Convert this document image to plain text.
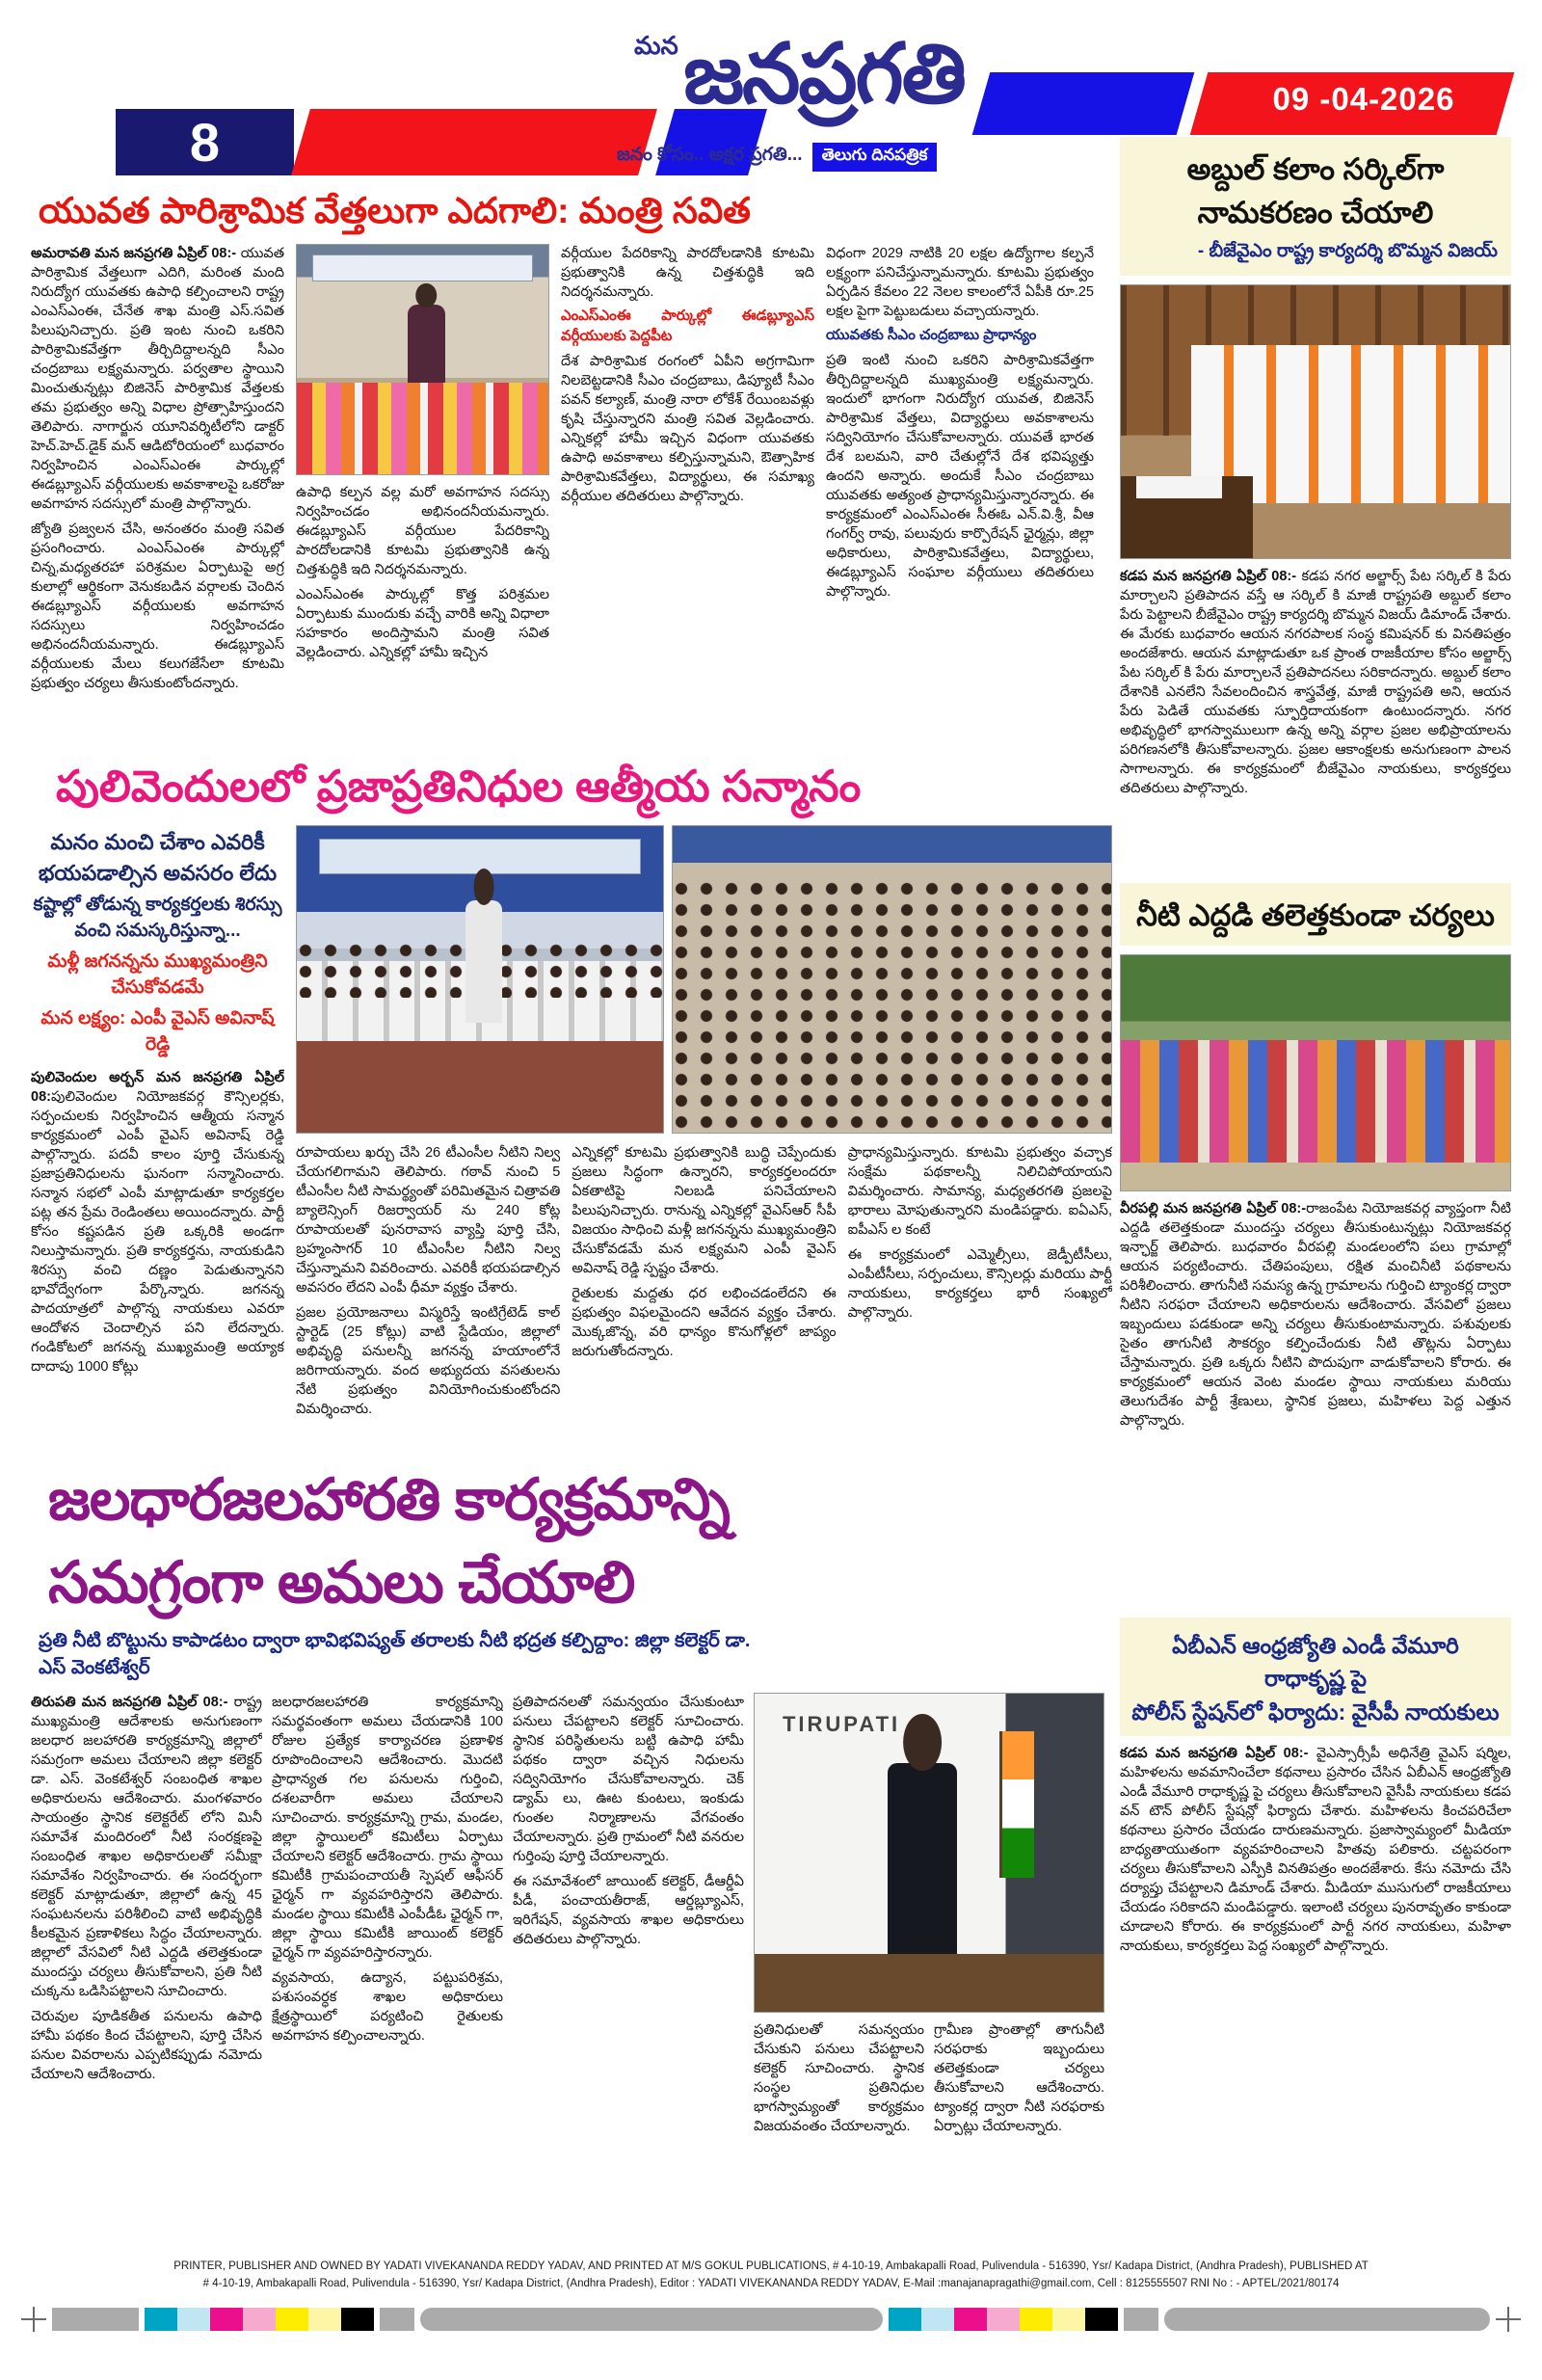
8
09 -04-2026
మన జనప్రగతి
జనం కోసం.. అక్షర ప్రగతి...	తెలుగు దినపత్రిక
యువత పారిశ్రామిక వేత్తలుగా ఎదగాలి: మంత్రి సవిత

అమరావతి మన జనప్రగతి ఏప్రిల్ 08:- యువత పారిశ్రామిక వేత్తలుగా ఎదిగి, మరింత మంది నిరుద్యోగ యువతకు ఉపాధి కల్పించాలని రాష్ట్ర ఎంఎస్ఎంఈ, చేనేత శాఖ మంత్రి ఎస్.సవిత పిలుపునిచ్చారు. ప్రతి ఇంట నుంచి ఒకరిని పారిశ్రామికవేత్తగా తీర్చిదిద్దాలన్నది సీఎం చంద్రబాబు లక్ష్యమన్నారు. పర్వతాల స్థాయిని మించుతున్నట్లు బిజినెస్ పారిశ్రామిక వేత్తలకు తమ ప్రభుత్వం అన్ని విధాల ప్రోత్సాహిస్తుందని తెలిపారు. నాగార్జున యూనివర్శిటీలోని డాక్టర్ హెచ్.హెచ్.డైక్ మన్ ఆడిటోరియంలో బుధవారం నిర్వహించిన ఎంఎస్ఎంఈ పార్కుల్లో ఈడబ్ల్యూఎస్ వర్గీయులకు అవకాశాలపై ఒకరోజు అవగాహన సదస్సులో మంత్రి పాల్గొన్నారు.

జ్యోతి ప్రజ్వలన చేసి, అనంతరం మంత్రి సవిత ప్రసంగించారు. ఎంఎస్ఎంఈ పార్కుల్లో చిన్న,మధ్యతరహా పరిశ్రమల ఏర్పాటుపై అగ్ర కులాల్లో ఆర్థికంగా వెనుకబడిన వర్గాలకు చెందిన ఈడబ్ల్యూఎస్ వర్గీయులకు అవగాహన సదస్సులు నిర్వహించడం అభినందనీయమన్నారు. ఈడబ్ల్యూఎస్ వర్గీయులకు మేలు కలుగజేసేలా కూటమి ప్రభుత్వం చర్యలు తీసుకుంటోందన్నారు.

ఉపాధి కల్పన వల్ల మరో అవగాహన సదస్సు నిర్వహించడం అభినందనీయమన్నారు. ఈడబ్ల్యూఎస్ వర్గీయుల పేదరికాన్ని పారదోలడానికి కూటమి ప్రభుత్వానికి ఉన్న చిత్తశుద్ధికి ఇది నిదర్శనమన్నారు.

ఎంఎస్ఎంఈ పార్కుల్లో కొత్త పరిశ్రమల ఏర్పాటుకు ముందుకు వచ్చే వారికి అన్ని విధాలా సహకారం అందిస్తామని మంత్రి సవిత వెల్లడించారు. ఎన్నికల్లో హామీ ఇచ్చిన

వర్గీయుల పేదరికాన్ని పారదోలడానికి కూటమి ప్రభుత్వానికి ఉన్న చిత్తశుద్ధికి ఇది నిదర్శనమన్నారు.

ఎంఎస్ఎంఈ పార్కుల్లో ఈడబ్ల్యూఎస్ వర్గీయులకు పెద్దపీట

దేశ పారిశ్రామిక రంగంలో ఏపీని అగ్రగామిగా నిలబెట్టడానికి సీఎం చంద్రబాబు, డిప్యూటీ సీఎం పవన్ కల్యాణ్, మంత్రి నారా లోకేశ్ రేయింబవళ్లు కృషి చేస్తున్నారని మంత్రి సవిత వెల్లడించారు. ఎన్నికల్లో హామీ ఇచ్చిన విధంగా యువతకు ఉపాధి అవకాశాలు కల్పిస్తున్నామని, ఔత్సాహిక పారిశ్రామికవేత్తలు, విద్యార్థులు, ఈ సమాఖ్య వర్గీయుల తదితరులు పాల్గొన్నారు.

విధంగా 2029 నాటికి 20 లక్షల ఉద్యోగాల కల్పనే లక్ష్యంగా పనిచేస్తున్నామన్నారు. కూటమి ప్రభుత్వం ఏర్పడిన కేవలం 22 నెలల కాలంలోనే ఏపీకి రూ.25 లక్షల పైగా పెట్టుబడులు వచ్చాయన్నారు.

యువతకు సీఎం చంద్రబాబు ప్రాధాన్యం

ప్రతి ఇంటి నుంచి ఒకరిని పారిశ్రామికవేత్తగా తీర్చిదిద్దాలన్నది ముఖ్యమంత్రి లక్ష్యమన్నారు. ఇందులో భాగంగా నిరుద్యోగ యువత, బిజినెస్ పారిశ్రామిక వేత్తలు, విద్యార్థులు అవకాశాలను సద్వినియోగం చేసుకోవాలన్నారు. యువతే భారత దేశ బలమని, వారి చేతుల్లోనే దేశ భవిష్యత్తు ఉందని అన్నారు. అందుకే సీఎం చంద్రబాబు యువతకు అత్యంత ప్రాధాన్యమిస్తున్నారన్నారు. ఈ కార్యక్రమంలో ఎంఎస్ఎంఈ సీఈఓ ఎన్.వి.శ్రీ, వీఆ గంగర్వ్ రావు, పలువురు కార్పొరేషన్ ఛైర్మన్లు, జిల్లా అధికారులు, పారిశ్రామికవేత్తలు, విద్యార్థులు, ఈడబ్ల్యూఎస్ సంఘాల వర్గీయులు తదితరులు పాల్గొన్నారు.

పులివెందులలో ప్రజాప్రతినిధుల ఆత్మీయ సన్మానం
మనం మంచి చేశాం ఎవరికీ
భయపడాల్సిన అవసరం లేదు
కష్టాల్లో తోడున్న కార్యకర్తలకు శిరస్సు వంచి సమస్కరిస్తున్నా...
మళ్లీ జగనన్నను ముఖ్యమంత్రిని చేసుకోవడమే
మన లక్ష్యం: ఎంపీ వైఎస్ అవినాష్ రెడ్డి

పులివెందుల అర్బన్ మన జనప్రగతి ఏప్రిల్ 08:పులివెందుల నియోజకవర్గ కౌన్సిలర్లకు, సర్పంచులకు నిర్వహించిన ఆత్మీయ సన్మాన కార్యక్రమంలో ఎంపీ వైఎస్ అవినాష్ రెడ్డి పాల్గొన్నారు. పదవీ కాలం పూర్తి చేసుకున్న ప్రజాప్రతినిధులను ఘనంగా సన్మానించారు. సన్మాన సభలో ఎంపీ మాట్లాడుతూ కార్యకర్తల పట్ల తన ప్రేమ రెండింతలు అయిందన్నారు. పార్టీ కోసం కష్టపడిన ప్రతి ఒక్కరికి అండగా నిలుస్తామన్నారు. ప్రతి కార్యకర్తను, నాయకుడిని శిరస్సు వంచి దణ్ణం పెడుతున్నానని భావోద్వేగంగా పేర్కొన్నారు. జగనన్న పాదయాత్రలో పాల్గొన్న నాయకులు ఎవరూ ఆందోళన చెందాల్సిన పని లేదన్నారు. గండికోటలో జగనన్న ముఖ్యమంత్రి అయ్యాక దాదాపు 1000 కోట్లు

రూపాయలు ఖర్చు చేసి 26 టీఎంసీల నీటిని నిల్వ చేయగలిగామని తెలిపారు. గఠావ్ నుంచి 5 టీఎంసీల నీటి సామర్థ్యంతో పరిమితమైన చిత్రావతి బ్యాలెన్సింగ్ రిజర్వాయర్ ను 240 కోట్ల రూపాయలతో పునరావాస వ్యాప్తి పూర్తి చేసి, బ్రహ్మంసాగర్ 10 టీఎంసీల నీటిని నిల్వ చేస్తున్నామని వివరించారు. ఎవరికీ భయపడాల్సిన అవసరం లేదని ఎంపీ ధీమా వ్యక్తం చేశారు.

ప్రజల ప్రయోజనాలు విస్మరిస్తే ఇంటిగ్రేటెడ్ కాల్ స్టార్టెడ్ (25 కోట్లు) వాటి స్టేడియం, జిల్లాలో అభివృద్ధి పనులన్నీ జగనన్న హయాంలోనే జరిగాయన్నారు. వంద అభ్యుదయ వసతులను నేటి ప్రభుత్వం వినియోగించుకుంటోందని విమర్శించారు.

ఎన్నికల్లో కూటమి ప్రభుత్వానికి బుద్ధి చెప్పేందుకు ప్రజలు సిద్ధంగా ఉన్నారని, కార్యకర్తలందరూ ఏకతాటిపై నిలబడి పనిచేయాలని పిలుపునిచ్చారు. రానున్న ఎన్నికల్లో వైఎస్ఆర్ సీపీ విజయం సాధించి మళ్లీ జగనన్నను ముఖ్యమంత్రిని చేసుకోవడమే మన లక్ష్యమని ఎంపీ వైఎస్ అవినాష్ రెడ్డి స్పష్టం చేశారు.

రైతులకు మద్దతు ధర లభించడంలేదని ఈ ప్రభుత్వం విఫలమైందని ఆవేదన వ్యక్తం చేశారు. మొక్కజొన్న, వరి ధాన్యం కొనుగోళ్లలో జాప్యం జరుగుతోందన్నారు.

ప్రాధాన్యమిస్తున్నారు. కూటమి ప్రభుత్వం వచ్చాక సంక్షేమ పథకాలన్నీ నిలిచిపోయాయని విమర్శించారు. సామాన్య, మధ్యతరగతి ప్రజలపై భారాలు మోపుతున్నారని మండిపడ్డారు. ఐఏఎస్, ఐపీఎస్ ల కంటే

ఈ కార్యక్రమంలో ఎమ్మెల్సీలు, జెడ్పీటీసీలు, ఎంపీటీసీలు, సర్పంచులు, కౌన్సిలర్లు మరియు పార్టీ నాయకులు, కార్యకర్తలు భారీ సంఖ్యలో పాల్గొన్నారు.

జలధారజలహారతి కార్యక్రమాన్ని
సమగ్రంగా అమలు చేయాలి
ప్రతి నీటి బొట్టును కాపాడటం ద్వారా భావిభవిష్యత్ తరాలకు నీటి భద్రత కల్పిద్దాం: జిల్లా కలెక్టర్ డా. ఎస్ వెంకటేశ్వర్

తిరుపతి మన జనప్రగతి ఏప్రిల్ 08:- రాష్ట్ర ముఖ్యమంత్రి ఆదేశాలకు అనుగుణంగా జలధార జలహారతి కార్యక్రమాన్ని జిల్లాలో సమగ్రంగా అమలు చేయాలని జిల్లా కలెక్టర్ డా. ఎస్. వెంకటేశ్వర్ సంబంధిత శాఖల అధికారులను ఆదేశించారు. మంగళవారం సాయంత్రం స్థానిక కలెక్టరేట్ లోని మినీ సమావేశ మందిరంలో నీటి సంరక్షణపై సంబంధిత శాఖల అధికారులతో సమీక్షా సమావేశం నిర్వహించారు. ఈ సందర్భంగా కలెక్టర్ మాట్లాడుతూ, జిల్లాలో ఉన్న 45 సంఘటనలను పరిశీలించి వాటి అభివృద్ధికి కీలకమైన ప్రణాళికలు సిద్ధం చేయాలన్నారు. జిల్లాలో వేసవిలో నీటి ఎద్దడి తలెత్తకుండా ముందస్తు చర్యలు తీసుకోవాలని, ప్రతి నీటి చుక్కను ఒడిసిపట్టాలని సూచించారు.

చెరువుల పూడికతీత పనులను ఉపాధి హామీ పథకం కింద చేపట్టాలని, పూర్తి చేసిన పనుల వివరాలను ఎప్పటికప్పుడు నమోదు చేయాలని ఆదేశించారు.

జలధారజలహారతి కార్యక్రమాన్ని సమర్థవంతంగా అమలు చేయడానికి 100 రోజుల ప్రత్యేక కార్యాచరణ ప్రణాళిక రూపొందించాలని ఆదేశించారు. మొదటి ప్రాధాన్యత గల పనులను గుర్తించి, దశలవారీగా అమలు చేయాలని సూచించారు. కార్యక్రమాన్ని గ్రామ, మండల, జిల్లా స్థాయిలలో కమిటీలు ఏర్పాటు చేయాలని కలెక్టర్ ఆదేశించారు. గ్రామ స్థాయి కమిటీకి గ్రామపంచాయతీ స్పెషల్ ఆఫీసర్ ఛైర్మన్ గా వ్యవహరిస్తారని తెలిపారు. మండల స్థాయి కమిటీకి ఎంపీడీఓ ఛైర్మన్ గా, జిల్లా స్థాయి కమిటీకి జాయింట్ కలెక్టర్ ఛైర్మన్ గా వ్యవహరిస్తారన్నారు.

వ్యవసాయ, ఉద్యాన, పట్టుపరిశ్రమ, పశుసంవర్ధక శాఖల అధికారులు క్షేత్రస్థాయిలో పర్యటించి రైతులకు అవగాహన కల్పించాలన్నారు.

ప్రతిపాదనలతో సమన్వయం చేసుకుంటూ పనులు చేపట్టాలని కలెక్టర్ సూచించారు. స్థానిక పరిస్థితులను బట్టి ఉపాధి హామీ పథకం ద్వారా వచ్చిన నిధులను సద్వినియోగం చేసుకోవాలన్నారు. చెక్ డ్యామ్ లు, ఊట కుంటలు, ఇంకుడు గుంతల నిర్మాణాలను వేగవంతం చేయాలన్నారు. ప్రతి గ్రామంలో నీటి వనరుల గుర్తింపు పూర్తి చేయాలన్నారు.

ఈ సమావేశంలో జాయింట్ కలెక్టర్, డీఆర్డీఏ పీడీ, పంచాయతీరాజ్, ఆర్డబ్ల్యూఎస్, ఇరిగేషన్, వ్యవసాయ శాఖల అధికారులు తదితరులు పాల్గొన్నారు.

TIRUPATI

ప్రతినిధులతో సమన్వయం చేసుకుని పనులు చేపట్టాలని కలెక్టర్ సూచించారు. స్థానిక సంస్థల ప్రతినిధుల భాగస్వామ్యంతో కార్యక్రమం విజయవంతం చేయాలన్నారు.

గ్రామీణ ప్రాంతాల్లో తాగునీటి సరఫరాకు ఇబ్బందులు తలెత్తకుండా చర్యలు తీసుకోవాలని ఆదేశించారు. ట్యాంకర్ల ద్వారా నీటి సరఫరాకు ఏర్పాట్లు చేయాలన్నారు.

అబ్దుల్ కలాం సర్కిల్‌గా
నామకరణం చేయాలి
- బీజేవైఎం రాష్ట్ర కార్యదర్శి బొమ్మన విజయ్

కడప మన జనప్రగతి ఏప్రిల్ 08:- కడప నగర అల్జార్స్ పేట సర్కిల్ కి పేరు మార్చాలని ప్రతిపాదన వస్తే ఆ సర్కిల్ కి మాజీ రాష్ట్రపతి అబ్దుల్ కలాం పేరు పెట్టాలని బీజేవైఎం రాష్ట్ర కార్యదర్శి బొమ్మన విజయ్ డిమాండ్ చేశారు. ఈ మేరకు బుధవారం ఆయన నగరపాలక సంస్థ కమిషనర్ కు వినతిపత్రం అందజేశారు. ఆయన మాట్లాడుతూ ఒక ప్రాంత రాజకీయాల కోసం అల్జార్స్ పేట సర్కిల్ కి పేరు మార్చాలనే ప్రతిపాదనలు సరికాదన్నారు. అబ్దుల్ కలాం దేశానికి ఎనలేని సేవలందించిన శాస్త్రవేత్త, మాజీ రాష్ట్రపతి అని, ఆయన పేరు పెడితే యువతకు స్ఫూర్తిదాయకంగా ఉంటుందన్నారు. నగర అభివృద్ధిలో భాగస్వాములుగా ఉన్న అన్ని వర్గాల ప్రజల అభిప్రాయాలను పరిగణనలోకి తీసుకోవాలన్నారు. ప్రజల ఆకాంక్షలకు అనుగుణంగా పాలన సాగాలన్నారు. ఈ కార్యక్రమంలో బీజేవైఎం నాయకులు, కార్యకర్తలు తదితరులు పాల్గొన్నారు.

నీటి ఎద్దడి తలెత్తకుండా చర్యలు

వీరపల్లి మన జనప్రగతి ఏప్రిల్ 08:-రాజంపేట నియోజకవర్గ వ్యాప్తంగా నీటి ఎద్దడి తలెత్తకుండా ముందస్తు చర్యలు తీసుకుంటున్నట్లు నియోజకవర్గ ఇన్ఛార్జ్ తెలిపారు. బుధవారం వీరపల్లి మండలంలోని పలు గ్రామాల్లో ఆయన పర్యటించారు. చేతిపంపులు, రక్షిత మంచినీటి పథకాలను పరిశీలించారు. తాగునీటి సమస్య ఉన్న గ్రామాలను గుర్తించి ట్యాంకర్ల ద్వారా నీటిని సరఫరా చేయాలని అధికారులను ఆదేశించారు. వేసవిలో ప్రజలు ఇబ్బందులు పడకుండా అన్ని చర్యలు తీసుకుంటామన్నారు. పశువులకు సైతం తాగునీటి సౌకర్యం కల్పించేందుకు నీటి తొట్లను ఏర్పాటు చేస్తామన్నారు. ప్రతి ఒక్కరు నీటిని పొదుపుగా వాడుకోవాలని కోరారు. ఈ కార్యక్రమంలో ఆయన వెంట మండల స్థాయి నాయకులు మరియు తెలుగుదేశం పార్టీ శ్రేణులు, స్థానిక ప్రజలు, మహిళలు పెద్ద ఎత్తున పాల్గొన్నారు.

ఏబీఎన్ ఆంధ్రజ్యోతి ఎండీ వేమూరి రాధాకృష్ణ పై
పోలీస్ స్టేషన్‌లో ఫిర్యాదు: వైసీపీ నాయకులు

కడప మన జనప్రగతి ఏప్రిల్ 08:- వైఎస్సార్సీపీ అధినేత్రి వైఎస్ షర్మిల, మహిళలను అవమానించేలా కథనాలు ప్రసారం చేసిన ఏబీఎన్ ఆంధ్రజ్యోతి ఎండీ వేమూరి రాధాకృష్ణ పై చర్యలు తీసుకోవాలని వైసీపీ నాయకులు కడప వన్ టౌన్ పోలీస్ స్టేషన్లో ఫిర్యాదు చేశారు. మహిళలను కించపరిచేలా కథనాలు ప్రసారం చేయడం దారుణమన్నారు. ప్రజాస్వామ్యంలో మీడియా బాధ్యతాయుతంగా వ్యవహరించాలని హితవు పలికారు. చట్టపరంగా చర్యలు తీసుకోవాలని ఎస్పీకి వినతిపత్రం అందజేశారు. కేసు నమోదు చేసి దర్యాప్తు చేపట్టాలని డిమాండ్ చేశారు. మీడియా ముసుగులో రాజకీయాలు చేయడం సరికాదని మండిపడ్డారు. ఇలాంటి చర్యలు పునరావృతం కాకుండా చూడాలని కోరారు. ఈ కార్యక్రమంలో పార్టీ నగర నాయకులు, మహిళా నాయకులు, కార్యకర్తలు పెద్ద సంఖ్యలో పాల్గొన్నారు.

PRINTER, PUBLISHER AND OWNED BY YADATI VIVEKANANDA REDDY YADAV, AND PRINTED AT M/S GOKUL PUBLICATIONS, # 4-10-19, Ambakapalli Road, Pulivendula - 516390, Ysr/ Kadapa District, (Andhra Pradesh), PUBLISHED AT
# 4-10-19, Ambakapalli Road, Pulivendula - 516390, Ysr/ Kadapa District, (Andhra Pradesh), Editor : YADATI VIVEKANANDA REDDY YADAV, E-Mail :manajanapragathi@gmail.com, Cell : 8125555507 RNI No : - APTEL/2021/80174
